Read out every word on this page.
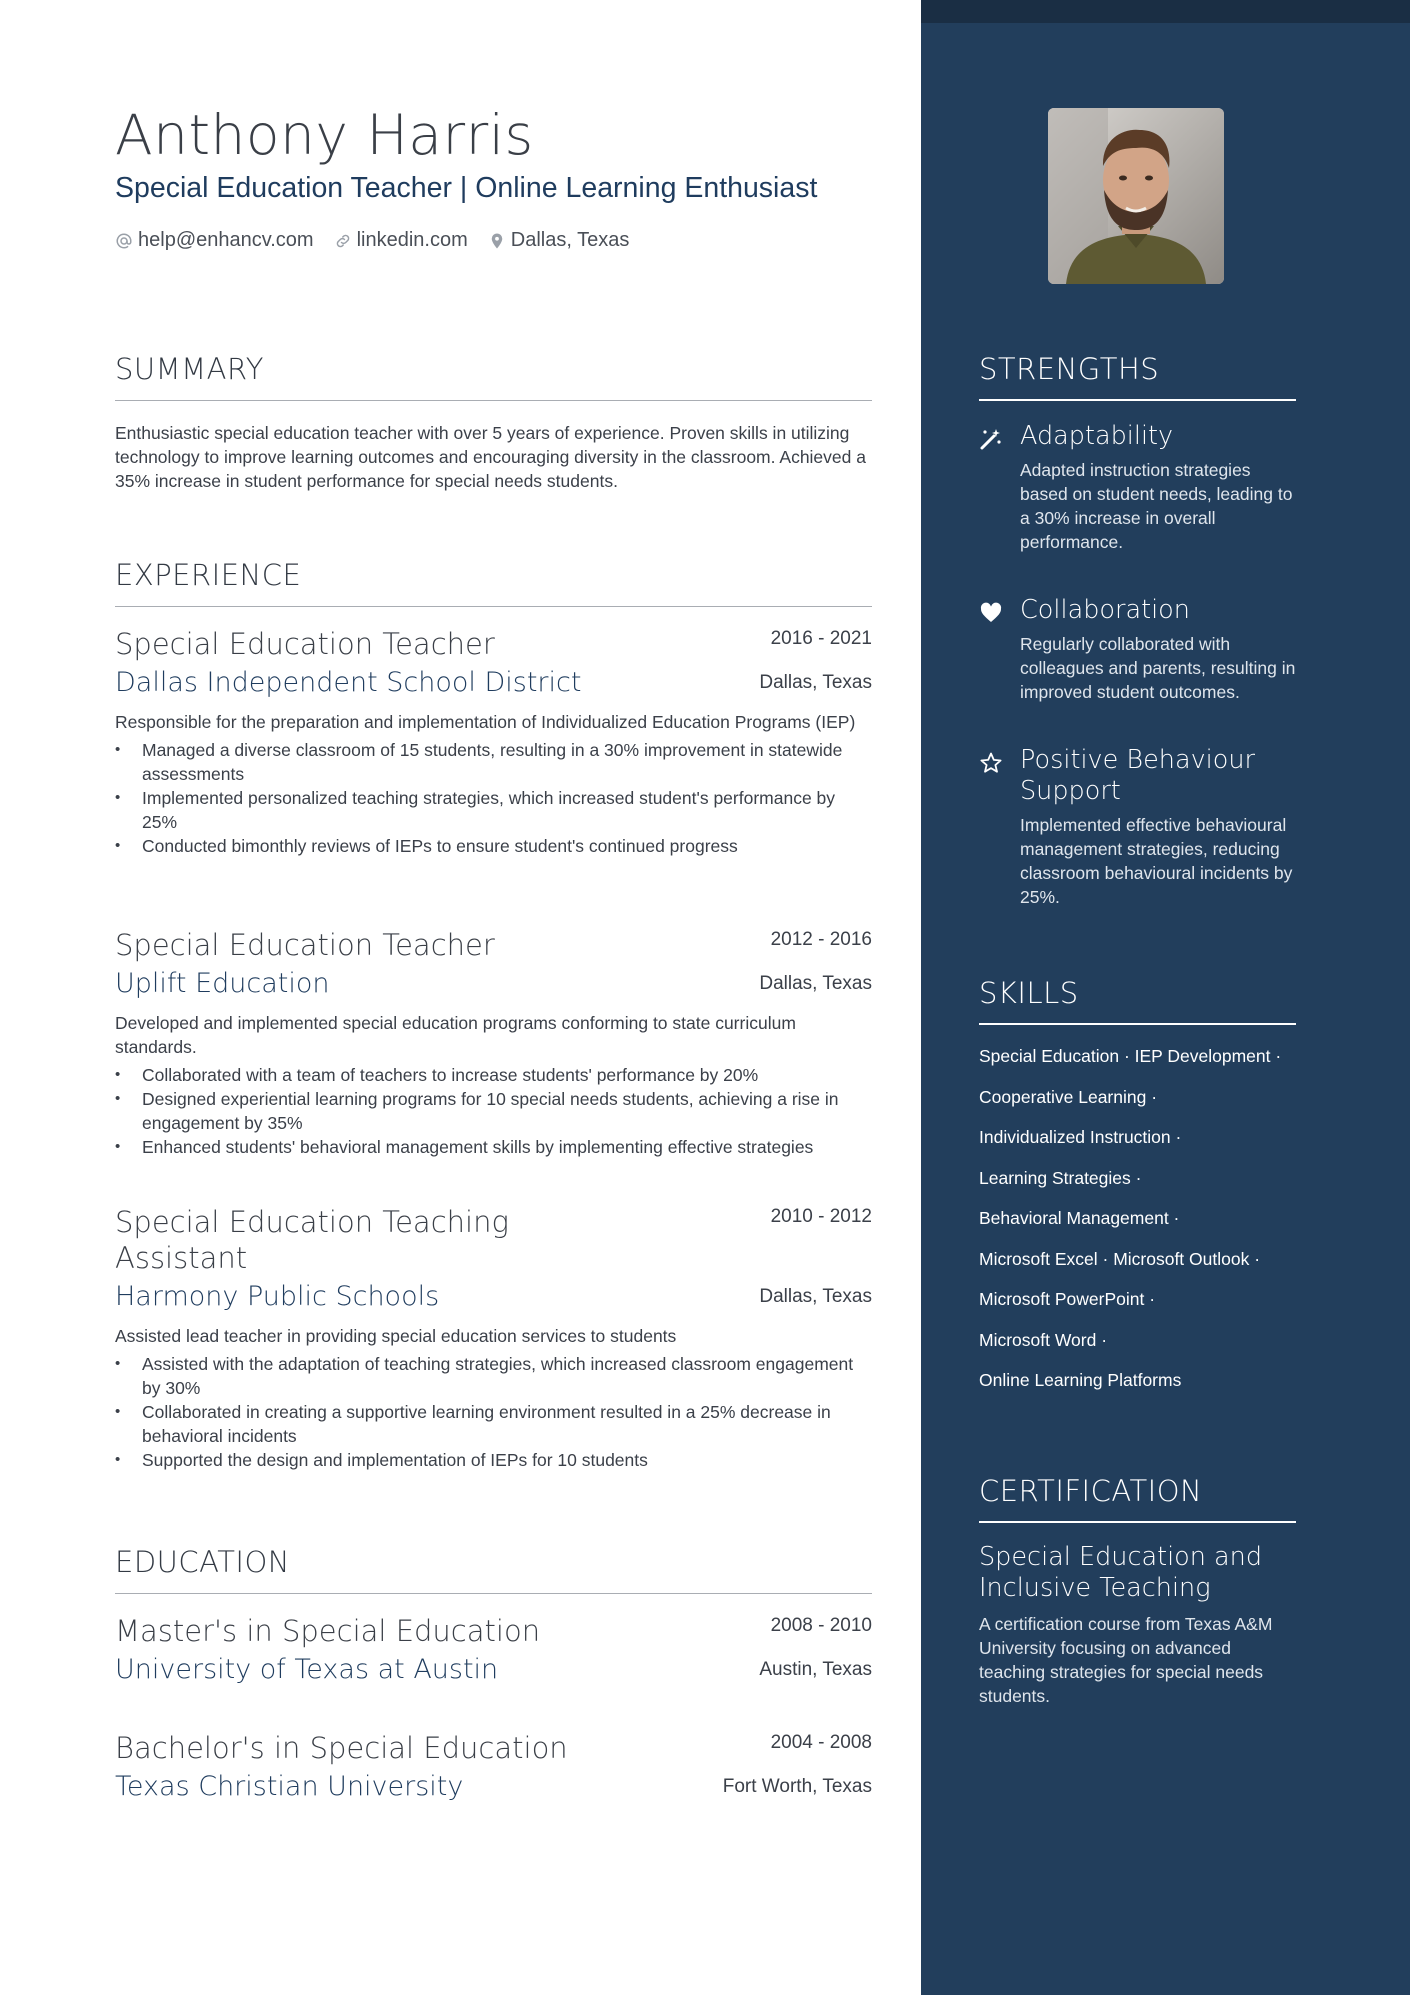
Anthony Harris
Special Education Teacher | Online Learning Enthusiast
help@enhancv.com linkedin.com Dallas, Texas
SUMMARY
Enthusiastic special education teacher with over 5 years of experience. Proven skills in utilizing technology to improve learning outcomes and encouraging diversity in the classroom. Achieved a 35% increase in student performance for special needs students.
EXPERIENCE
Special Education Teacher
Dallas Independent School District
2016 - 2021
Dallas, Texas
Responsible for the preparation and implementation of Individualized Education Programs (IEP)
• Managed a diverse classroom of 15 students, resulting in a 30% improvement in statewide assessments
• Implemented personalized teaching strategies, which increased student's performance by 25%
• Conducted bimonthly reviews of IEPs to ensure student's continued progress
Special Education Teacher
Uplift Education
2012 - 2016
Dallas, Texas
Developed and implemented special education programs conforming to state curriculum standards.
• Collaborated with a team of teachers to increase students' performance by 20%
• Designed experiential learning programs for 10 special needs students, achieving a rise in engagement by 35%
• Enhanced students' behavioral management skills by implementing effective strategies
Special Education Teaching Assistant
Harmony Public Schools
2010 - 2012
Dallas, Texas
Assisted lead teacher in providing special education services to students
• Assisted with the adaptation of teaching strategies, which increased classroom engagement by 30%
• Collaborated in creating a supportive learning environment resulted in a 25% decrease in behavioral incidents
• Supported the design and implementation of IEPs for 10 students
EDUCATION
Master's in Special Education
University of Texas at Austin
2008 - 2010
Austin, Texas
Bachelor's in Special Education
Texas Christian University
2004 - 2008
Fort Worth, Texas
STRENGTHS
Adaptability
Adapted instruction strategies based on student needs, leading to a 30% increase in overall performance.
Collaboration
Regularly collaborated with colleagues and parents, resulting in improved student outcomes.
Positive Behaviour Support
Implemented effective behavioural management strategies, reducing classroom behavioural incidents by 25%.
SKILLS
Special Education · IEP Development ·
Cooperative Learning ·
Individualized Instruction ·
Learning Strategies ·
Behavioral Management ·
Microsoft Excel · Microsoft Outlook ·
Microsoft PowerPoint ·
Microsoft Word ·
Online Learning Platforms
CERTIFICATION
Special Education and Inclusive Teaching
A certification course from Texas A&M University focusing on advanced teaching strategies for special needs students.
